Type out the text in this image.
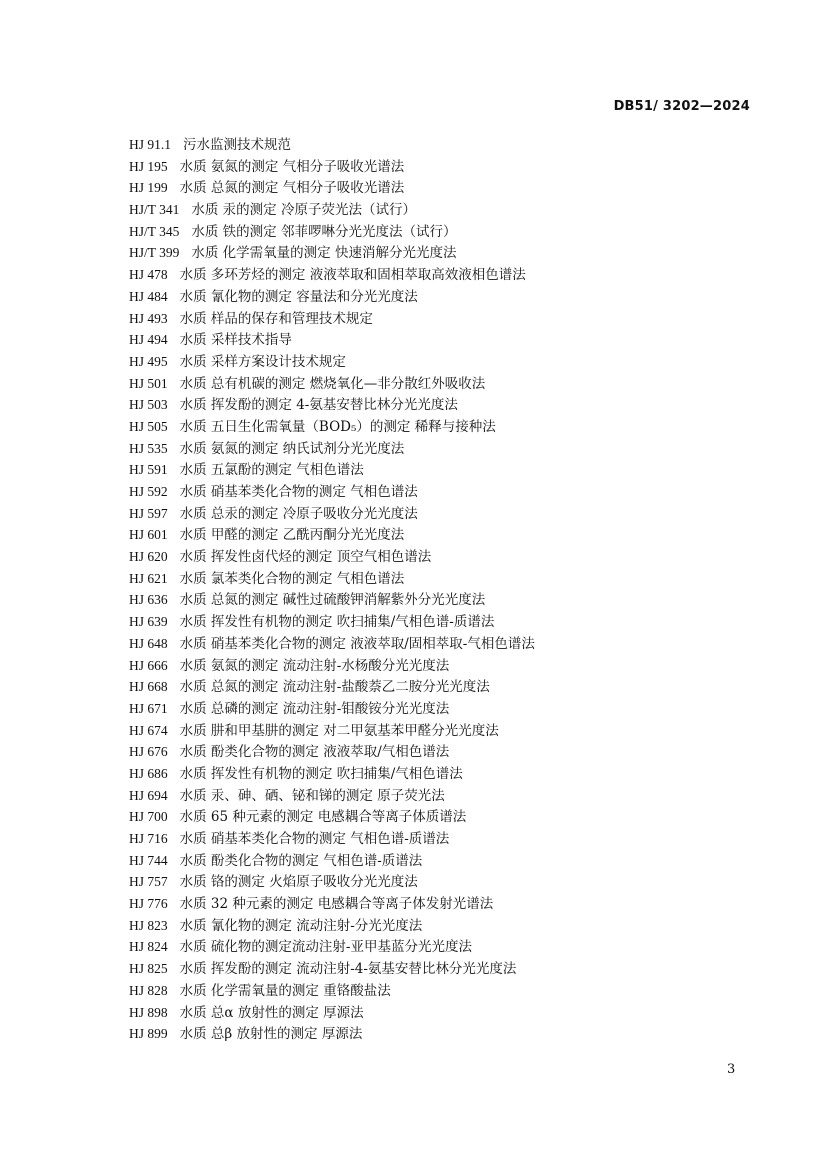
DB51/ 3202—2024
HJ 91.1 污水监测技术规范
HJ 195 水质 氨氮的测定 气相分子吸收光谱法
HJ 199 水质 总氮的测定 气相分子吸收光谱法
HJ/T 341 水质 汞的测定 冷原子荧光法（试行）
HJ/T 345 水质 铁的测定 邻菲啰啉分光光度法（试行）
HJ/T 399 水质 化学需氧量的测定 快速消解分光光度法
HJ 478 水质 多环芳烃的测定 液液萃取和固相萃取高效液相色谱法
HJ 484 水质 氰化物的测定 容量法和分光光度法
HJ 493 水质 样品的保存和管理技术规定
HJ 494 水质 采样技术指导
HJ 495 水质 采样方案设计技术规定
HJ 501 水质 总有机碳的测定 燃烧氧化—非分散红外吸收法
HJ 503 水质 挥发酚的测定 4-氨基安替比林分光光度法
HJ 505 水质 五日生化需氧量（BOD₅）的测定 稀释与接种法
HJ 535 水质 氨氮的测定 纳氏试剂分光光度法
HJ 591 水质 五氯酚的测定 气相色谱法
HJ 592 水质 硝基苯类化合物的测定 气相色谱法
HJ 597 水质 总汞的测定 冷原子吸收分光光度法
HJ 601 水质 甲醛的测定 乙酰丙酮分光光度法
HJ 620 水质 挥发性卤代烃的测定 顶空气相色谱法
HJ 621 水质 氯苯类化合物的测定 气相色谱法
HJ 636 水质 总氮的测定 碱性过硫酸钾消解紫外分光光度法
HJ 639 水质 挥发性有机物的测定 吹扫捕集/气相色谱-质谱法
HJ 648 水质 硝基苯类化合物的测定 液液萃取/固相萃取-气相色谱法
HJ 666 水质 氨氮的测定 流动注射-水杨酸分光光度法
HJ 668 水质 总氮的测定 流动注射-盐酸萘乙二胺分光光度法
HJ 671 水质 总磷的测定 流动注射-钼酸铵分光光度法
HJ 674 水质 肼和甲基肼的测定 对二甲氨基苯甲醛分光光度法
HJ 676 水质 酚类化合物的测定 液液萃取/气相色谱法
HJ 686 水质 挥发性有机物的测定 吹扫捕集/气相色谱法
HJ 694 水质 汞、砷、硒、铋和锑的测定 原子荧光法
HJ 700 水质 65 种元素的测定 电感耦合等离子体质谱法
HJ 716 水质 硝基苯类化合物的测定 气相色谱-质谱法
HJ 744 水质 酚类化合物的测定 气相色谱-质谱法
HJ 757 水质 铬的测定 火焰原子吸收分光光度法
HJ 776 水质 32 种元素的测定 电感耦合等离子体发射光谱法
HJ 823 水质 氰化物的测定 流动注射-分光光度法
HJ 824 水质 硫化物的测定流动注射-亚甲基蓝分光光度法
HJ 825 水质 挥发酚的测定 流动注射-4-氨基安替比林分光光度法
HJ 828 水质 化学需氧量的测定 重铬酸盐法
HJ 898 水质 总α 放射性的测定 厚源法
HJ 899 水质 总β 放射性的测定 厚源法
3
